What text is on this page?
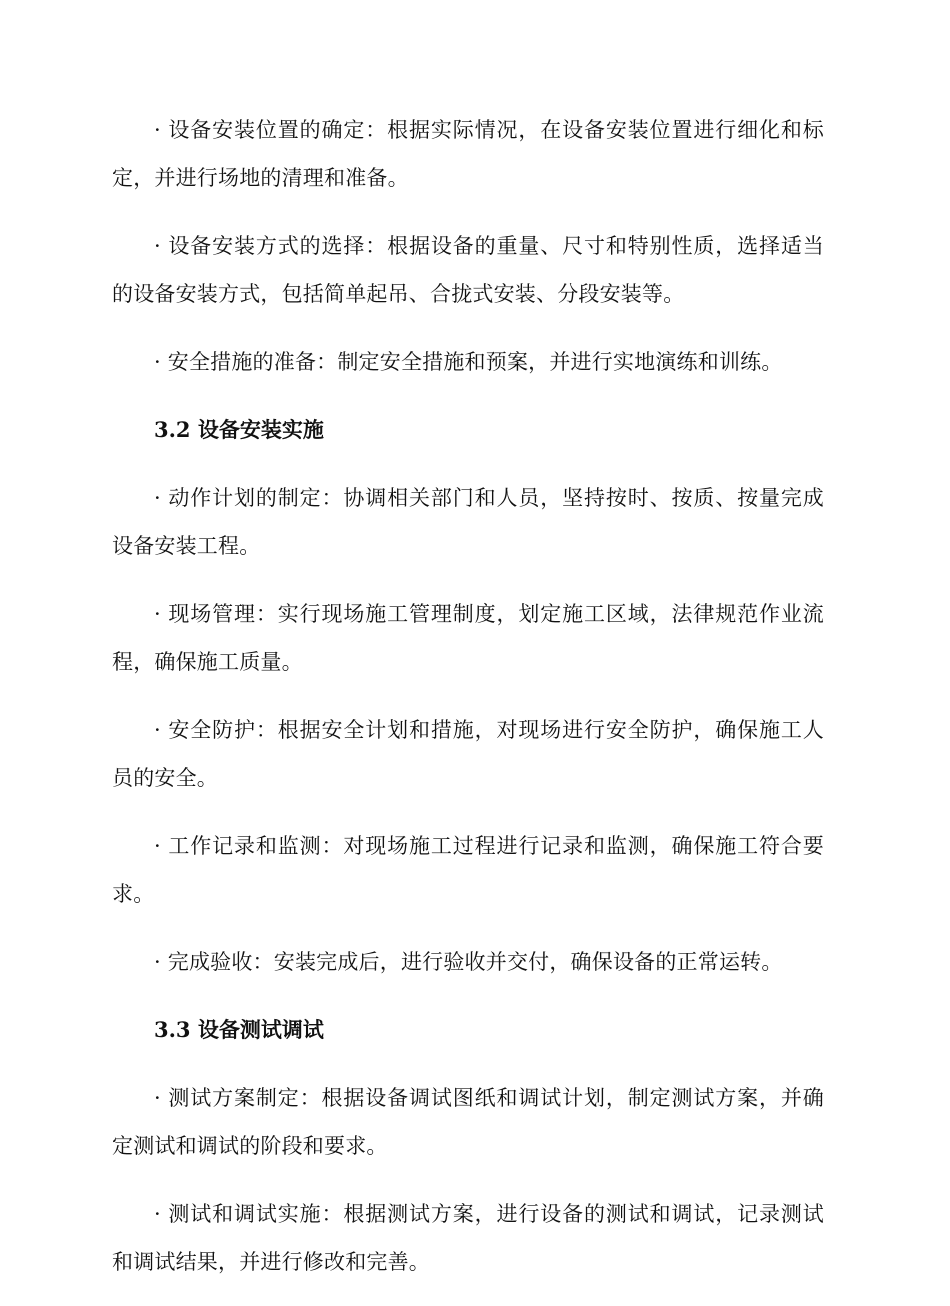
· 设备安装位置的确定：根据实际情况，在设备安装位置进行细化和标定，并进行场地的清理和准备。

· 设备安装方式的选择：根据设备的重量、尺寸和特别性质，选择适当的设备安装方式，包括简单起吊、合拢式安装、分段安装等。

· 安全措施的准备：制定安全措施和预案，并进行实地演练和训练。

3.2 设备安装实施

· 动作计划的制定：协调相关部门和人员，坚持按时、按质、按量完成设备安装工程。

· 现场管理：实行现场施工管理制度，划定施工区域，法律规范作业流程，确保施工质量。

· 安全防护：根据安全计划和措施，对现场进行安全防护，确保施工人员的安全。

· 工作记录和监测：对现场施工过程进行记录和监测，确保施工符合要求。

· 完成验收：安装完成后，进行验收并交付，确保设备的正常运转。

3.3 设备测试调试

· 测试方案制定：根据设备调试图纸和调试计划，制定测试方案，并确定测试和调试的阶段和要求。

· 测试和调试实施：根据测试方案，进行设备的测试和调试，记录测试和调试结果，并进行修改和完善。
